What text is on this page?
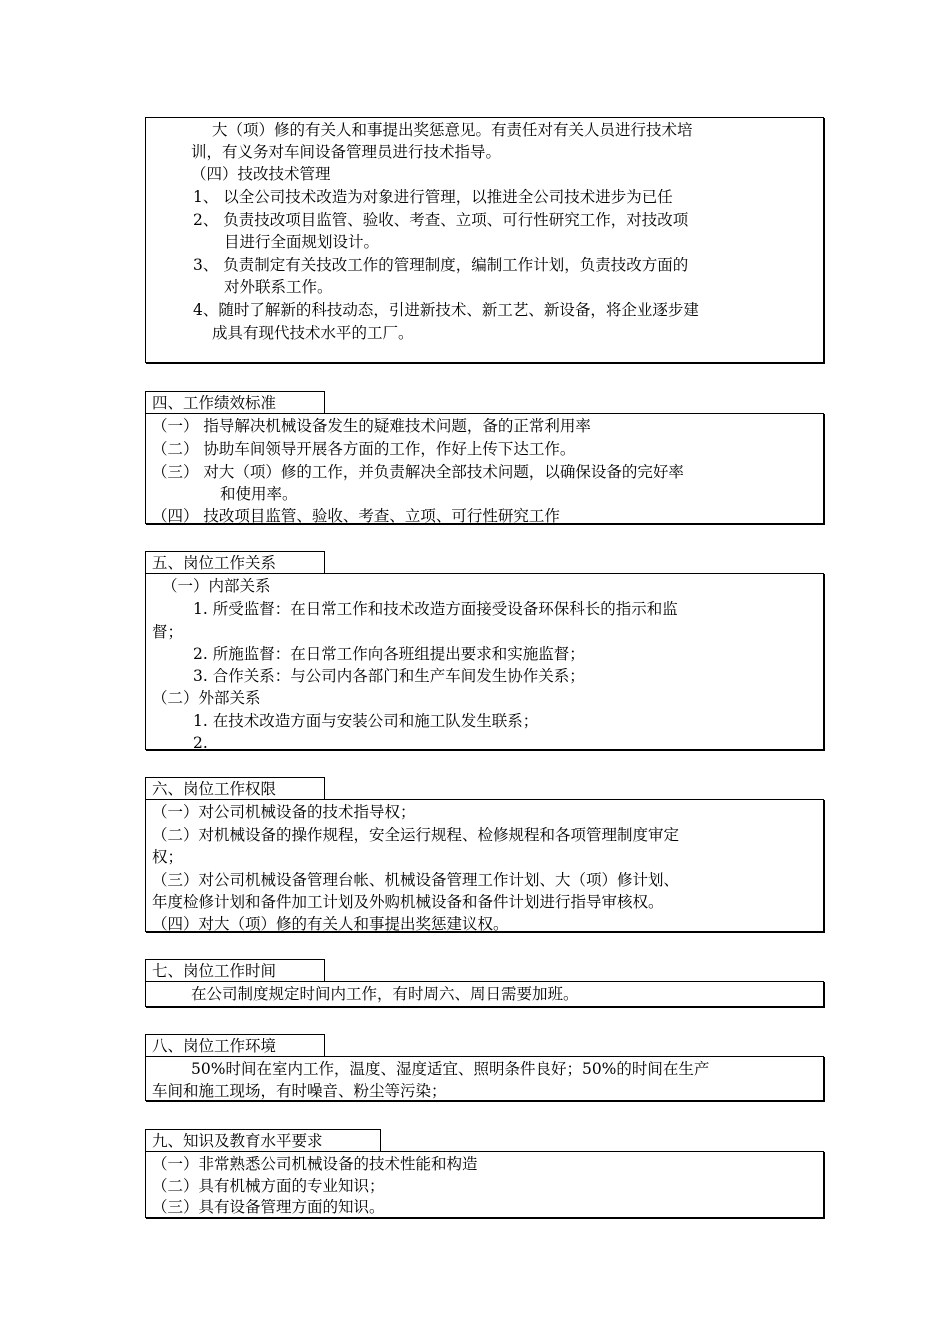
大（项）修的有关人和事提出奖惩意见。有责任对有关人员进行技术培
训，有义务对车间设备管理员进行技术指导。
（四）技改技术管理
1、 以全公司技术改造为对象进行管理，以推进全公司技术进步为已任
2、 负责技改项目监管、验收、考查、立项、可行性研究工作，对技改项
目进行全面规划设计。
3、 负责制定有关技改工作的管理制度，编制工作计划，负责技改方面的
对外联系工作。
4、随时了解新的科技动态，引进新技术、新工艺、新设备，将企业逐步建
成具有现代技术水平的工厂。
四、工作绩效标准
（一） 指导解决机械设备发生的疑难技术问题，备的正常利用率
（二） 协助车间领导开展各方面的工作，作好上传下达工作。
（三） 对大（项）修的工作，并负责解决全部技术问题，以确保设备的完好率
和使用率。
（四） 技改项目监管、验收、考查、立项、可行性研究工作
五、岗位工作关系
（一）内部关系
1. 所受监督：在日常工作和技术改造方面接受设备环保科长的指示和监
督；
2. 所施监督：在日常工作向各班组提出要求和实施监督；
3. 合作关系：与公司内各部门和生产车间发生协作关系；
（二）外部关系
1. 在技术改造方面与安装公司和施工队发生联系；
2.
六、岗位工作权限
（一）对公司机械设备的技术指导权；
（二）对机械设备的操作规程，安全运行规程、检修规程和各项管理制度审定
权；
（三）对公司机械设备管理台帐、机械设备管理工作计划、大（项）修计划、
年度检修计划和备件加工计划及外购机械设备和备件计划进行指导审核权。
（四）对大（项）修的有关人和事提出奖惩建议权。
七、岗位工作时间
在公司制度规定时间内工作，有时周六、周日需要加班。
八、岗位工作环境
50%时间在室内工作，温度、湿度适宜、照明条件良好；50%的时间在生产
车间和施工现场，有时噪音、粉尘等污染；
九、知识及教育水平要求
（一）非常熟悉公司机械设备的技术性能和构造
（二）具有机械方面的专业知识；
（三）具有设备管理方面的知识。
